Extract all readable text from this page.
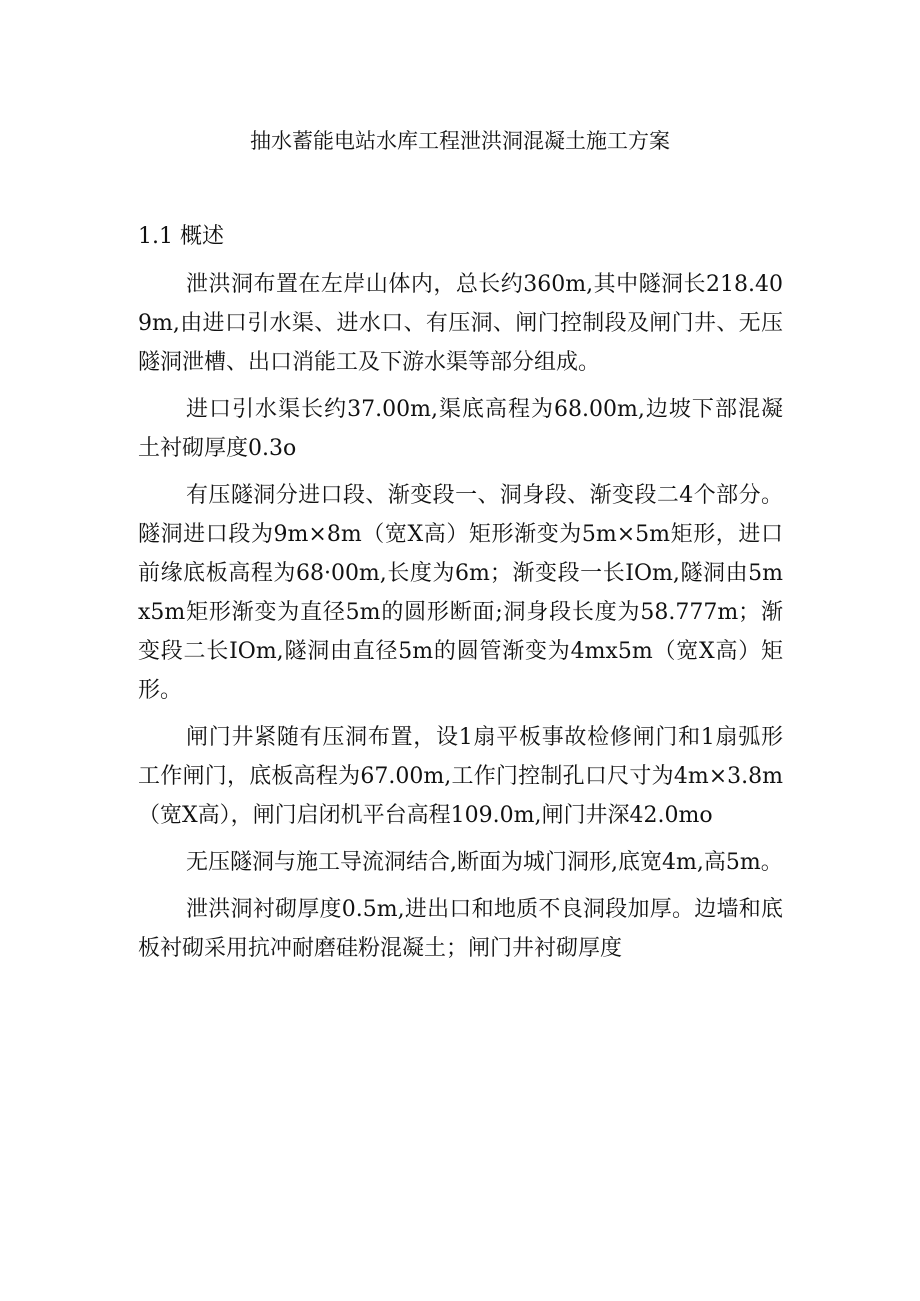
抽水蓄能电站水库工程泄洪洞混凝土施工方案
1.1 概述

泄洪洞布置在左岸山体内，总长约360m,其中隧洞长218.409m,由进口引水渠、进水口、有压洞、闸门控制段及闸门井、无压隧洞泄槽、出口消能工及下游水渠等部分组成。

进口引水渠长约37.00m,渠底高程为68.00m,边坡下部混凝土衬砌厚度0.3o

有压隧洞分进口段、渐变段一、洞身段、渐变段二4个部分。隧洞进口段为9m×8m（宽X高）矩形渐变为5m×5m矩形，进口前缘底板高程为68·00m,长度为6m；渐变段一长IOm,隧洞由5mx5m矩形渐变为直径5m的圆形断面;洞身段长度为58.777m；渐变段二长IOm,隧洞由直径5m的圆管渐变为4mx5m（宽X高）矩形。

闸门井紧随有压洞布置，设1扇平板事故检修闸门和1扇弧形工作闸门，底板高程为67.00m,工作门控制孔口尺寸为4m×3.8m（宽X高），闸门启闭机平台高程109.0m,闸门井深42.0mo

无压隧洞与施工导流洞结合,断面为城门洞形,底宽4m,高5m。

泄洪洞衬砌厚度0.5m,进出口和地质不良洞段加厚。边墙和底板衬砌采用抗冲耐磨硅粉混凝土；闸门井衬砌厚度
